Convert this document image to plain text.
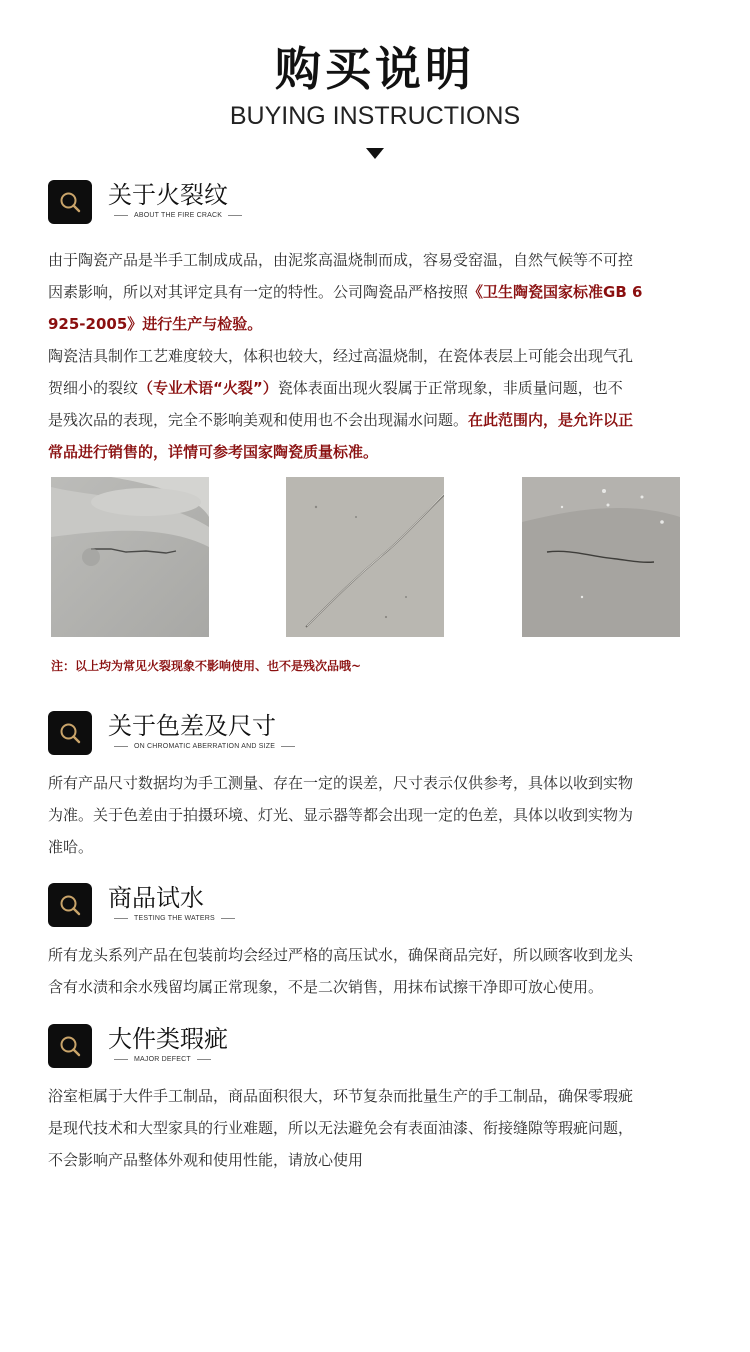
购买说明
BUYING INSTRUCTIONS
关于火裂纹
ABOUT THE FIRE CRACK

由于陶瓷产品是半手工制成成品，由泥浆高温烧制而成，容易受窑温，自然气候等不可控

因素影响，所以对其评定具有一定的特性。公司陶瓷品严格按照《卫生陶瓷国家标准GB 6

925-2005》进行生产与检验。

陶瓷洁具制作工艺难度较大，体积也较大，经过高温烧制，在瓷体表层上可能会出现气孔

贺细小的裂纹（专业术语“火裂”）瓷体表面出现火裂属于正常现象，非质量问题，也不

是残次品的表现，完全不影响美观和使用也不会出现漏水问题。在此范围内，是允许以正

常品进行销售的，详情可参考国家陶瓷质量标准。

注：以上均为常见火裂现象不影响使用、也不是残次品哦~
关于色差及尺寸
ON CHROMATIC ABERRATION AND SIZE

所有产品尺寸数据均为手工测量、存在一定的误差，尺寸表示仅供参考，具体以收到实物

为准。关于色差由于拍摄环境、灯光、显示器等都会出现一定的色差，具体以收到实物为

准哈。

商品试水
TESTING THE WATERS

所有龙头系列产品在包装前均会经过严格的高压试水，确保商品完好，所以顾客收到龙头

含有水渍和余水残留均属正常现象，不是二次销售，用抹布试擦干净即可放心使用。

大件类瑕疵
MAJOR DEFECT

浴室柜属于大件手工制品，商品面积很大，环节复杂而批量生产的手工制品，确保零瑕疵

是现代技术和大型家具的行业难题，所以无法避免会有表面油漆、衔接缝隙等瑕疵问题，

不会影响产品整体外观和使用性能，请放心使用
